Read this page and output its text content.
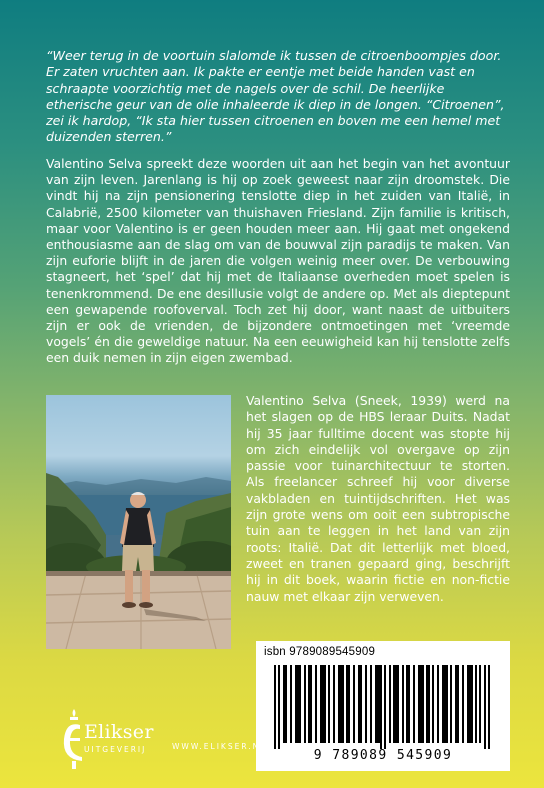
“Weer terug in de voortuin slalomde ik tussen de citroenboompjes door. Er zaten vruchten aan. Ik pakte er eentje met beide handen vast en schraapte voorzichtig met de nagels over de schil. De heerlijke etherische geur van de olie inhaleerde ik diep in de longen. “Citroenen”, zei ik hardop, “Ik sta hier tussen citroenen en boven me een hemel met duizenden sterren.”

Valentino Selva spreekt deze woorden uit aan het begin van het avontuur van zijn leven. Jarenlang is hij op zoek geweest naar zijn droomstek. Die vindt hij na zijn pensionering tenslotte diep in het zuiden van Italië, in Calabrië, 2500 kilometer van thuishaven Friesland. Zijn familie is kritisch, maar voor Valentino is er geen houden meer aan. Hij gaat met ongekend enthousiasme aan de slag om van de bouwval zijn paradijs te maken. Van zijn euforie blijft in de jaren die volgen weinig meer over. De verbouwing stagneert, het ‘spel’ dat hij met de Italiaanse overheden moet spelen is tenenkrommend. De ene desillusie volgt de andere op. Met als dieptepunt een gewapende roofoverval. Toch zet hij door, want naast de uitbuiters zijn er ook de vrienden, de bijzondere ontmoetingen met ‘vreemde vogels’ én die geweldige natuur. Na een eeuwigheid kan hij tenslotte zelfs een duik nemen in zijn eigen zwembad.

Valentino Selva (Sneek, 1939) werd na het slagen op de HBS leraar Duits. Nadat hij 35 jaar fulltime docent was stopte hij om zich eindelijk vol overgave op zijn passie voor tuinarchitectuur te storten. Als freelancer schreef hij voor diverse vakbladen en tuintijdschriften. Het was zijn grote wens om ooit een subtropische tuin aan te leggen in het land van zijn roots: Italië. Dat dit letterlijk met bloed, zweet en tranen gepaard ging, beschrijft hij in dit boek, waarin fictie en non-fictie nauw met elkaar zijn verweven.

isbn 9789089545909
9 789089 545909
Elikser
UITGEVERIJ	WWW.ELIKSER.NL
